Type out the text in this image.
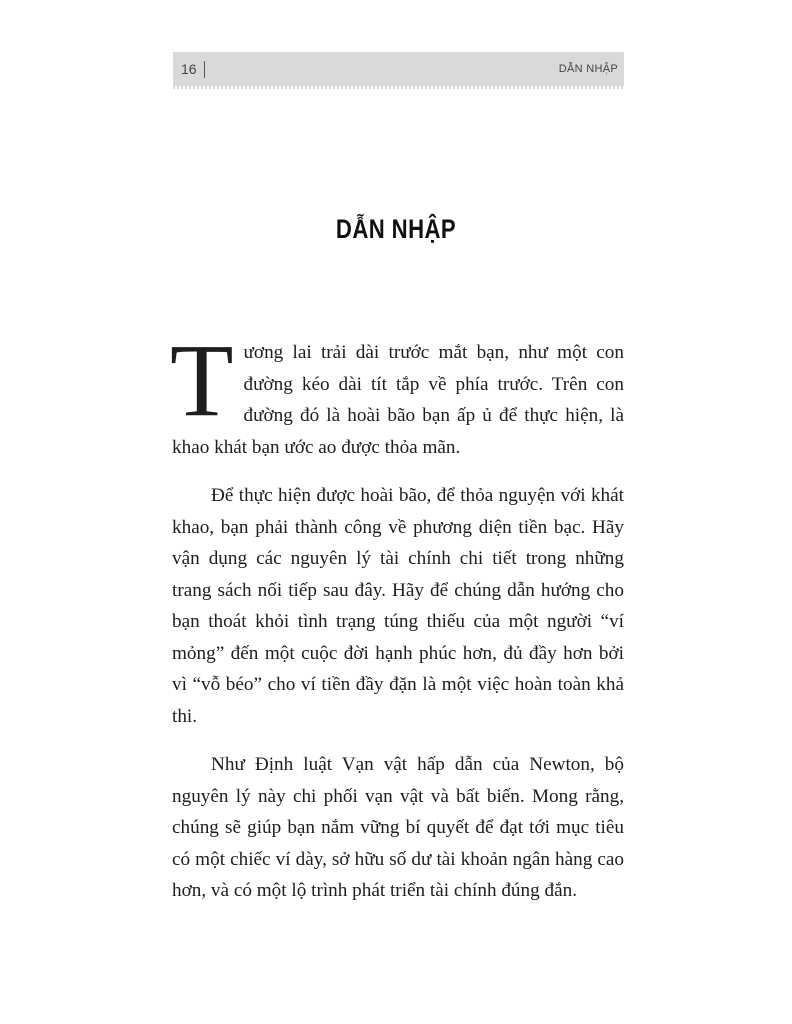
16	DẪN NHẬP
DẪN NHẬP

Tương lai trải dài trước mắt bạn, như một con đường kéo dài tít tắp về phía trước. Trên con đường đó là hoài bão bạn ấp ủ để thực hiện, là khao khát bạn ước ao được thỏa mãn.

Để thực hiện được hoài bão, để thỏa nguyện với khát khao, bạn phải thành công về phương diện tiền bạc. Hãy vận dụng các nguyên lý tài chính chi tiết trong những trang sách nối tiếp sau đây. Hãy để chúng dẫn hướng cho bạn thoát khỏi tình trạng túng thiếu của một người “ví mỏng” đến một cuộc đời hạnh phúc hơn, đủ đầy hơn bởi vì “vỗ béo” cho ví tiền đầy đặn là một việc hoàn toàn khả thi.

Như Định luật Vạn vật hấp dẫn của Newton, bộ nguyên lý này chi phối vạn vật và bất biến. Mong rằng, chúng sẽ giúp bạn nắm vững bí quyết để đạt tới mục tiêu có một chiếc ví dày, sở hữu số dư tài khoản ngân hàng cao hơn, và có một lộ trình phát triển tài chính đúng đắn.
